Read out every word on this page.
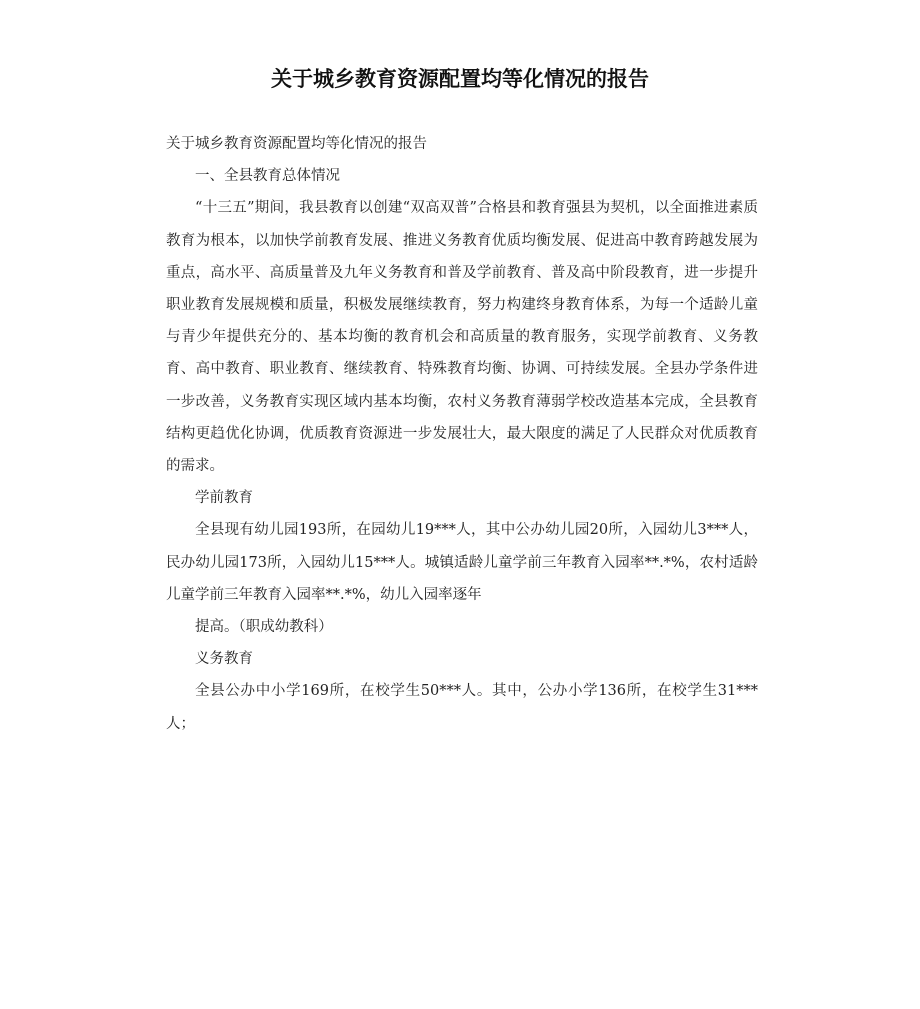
关于城乡教育资源配置均等化情况的报告

关于城乡教育资源配置均等化情况的报告

一、全县教育总体情况

“十三五”期间，我县教育以创建“双高双普”合格县和教育强县为契机，以全面推进素质教育为根本，以加快学前教育发展、推进义务教育优质均衡发展、促进高中教育跨越发展为重点，高水平、高质量普及九年义务教育和普及学前教育、普及高中阶段教育，进一步提升职业教育发展规模和质量，积极发展继续教育，努力构建终身教育体系，为每一个适龄儿童与青少年提供充分的、基本均衡的教育机会和高质量的教育服务，实现学前教育、义务教育、高中教育、职业教育、继续教育、特殊教育均衡、协调、可持续发展。全县办学条件进一步改善，义务教育实现区域内基本均衡，农村义务教育薄弱学校改造基本完成，全县教育结构更趋优化协调，优质教育资源进一步发展壮大，最大限度的满足了人民群众对优质教育的需求。

学前教育

全县现有幼儿园193所，在园幼儿19***人，其中公办幼儿园20所，入园幼儿3***人，民办幼儿园173所，入园幼儿15***人。城镇适龄儿童学前三年教育入园率**.*%，农村适龄儿童学前三年教育入园率**.*%，幼儿入园率逐年

提高。（职成幼教科）

义务教育

全县公办中小学169所，在校学生50***人。其中，公办小学136所，在校学生31***人；
